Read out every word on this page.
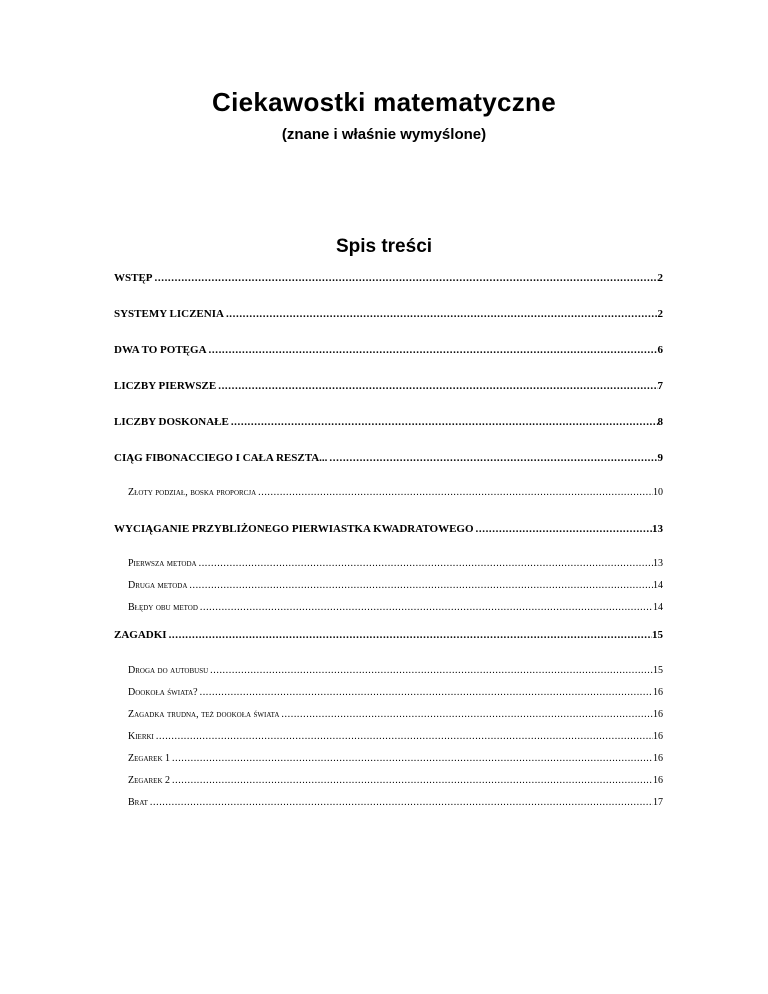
Ciekawostki matematyczne
(znane i właśnie wymyślone)
Spis treści
WSTĘP .....	2
SYSTEMY LICZENIA .....	2
DWA TO POTĘGA .....	6
LICZBY PIERWSZE .....	7
LICZBY DOSKONAŁE .....	8
CIĄG FIBONACCIEGO I CAŁA RESZTA... .....	9
Złoty podział, boska proporcja .....	10
WYCIĄGANIE PRZYBLIŻONEGO PIERWIASTKA KWADRATOWEGO .....	13
Pierwsza metoda .....	13
Druga metoda .....	14
Błędy obu metod .....	14
ZAGADKI .....	15
Droga do autobusu .....	15
Dookoła świata? .....	16
Zagadka trudna, też dookoła świata .....	16
Kierki .....	16
Zegarek 1 .....	16
Zegarek 2 .....	16
Brat .....	17
